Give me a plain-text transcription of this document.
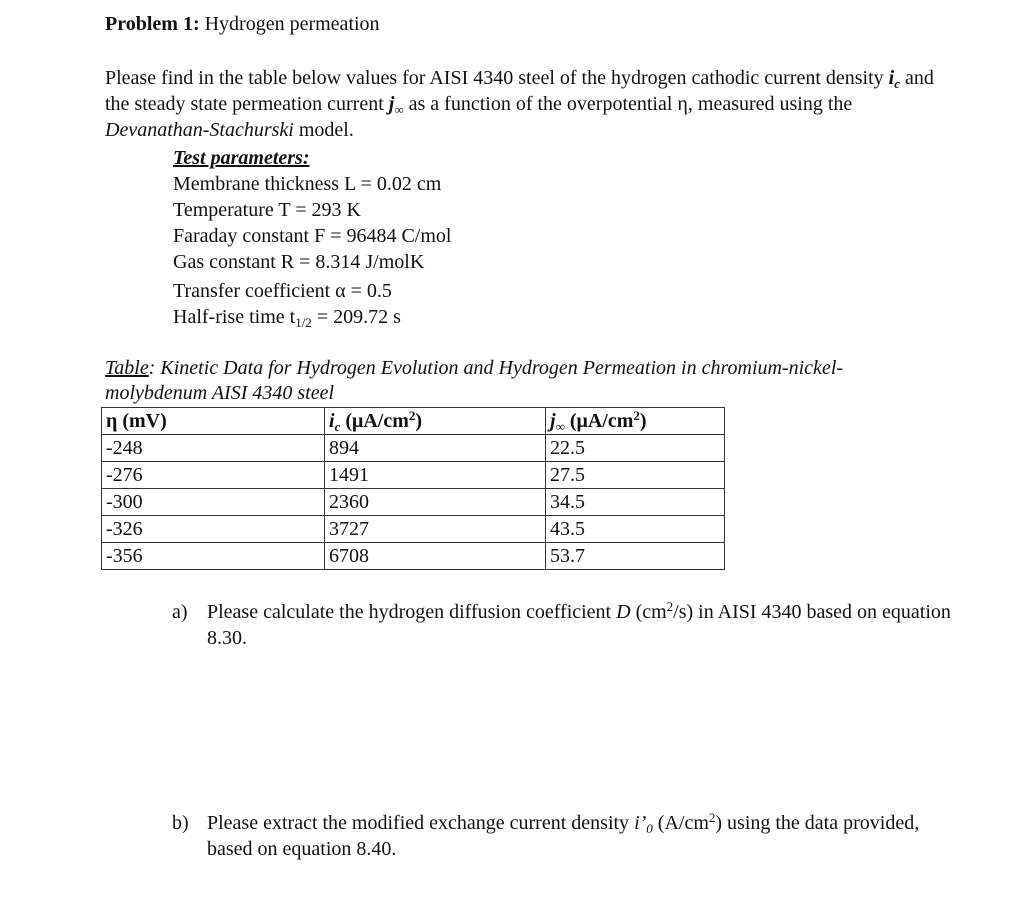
Problem 1: Hydrogen permeation
Please find in the table below values for AISI 4340 steel of the hydrogen cathodic current density $i_c$ and the steady state permeation current $j_\infty$ as a function of the overpotential η, measured using the Devanathan-Stachurski model.
Test parameters:
Membrane thickness L = 0.02 cm
Temperature T = 293 K
Faraday constant F = 96484 C/mol
Gas constant R = 8.314 J/molK
Transfer coefficient α = 0.5
Half-rise time $t_{1/2} = 209.72$ s
Table: Kinetic Data for Hydrogen Evolution and Hydrogen Permeation in chromium-nickel-molybdenum AISI 4340 steel
η (mV)	$i_c$ $(\mu A/cm^2)$	$j_\infty$ $(\mu A/cm^2)$
-248	894	22.5
-276	1491	27.5
-300	2360	34.5
-326	3727	43.5
-356	6708	53.7
a) Please calculate the hydrogen diffusion coefficient D $(cm^2/s)$ in AISI 4340 based on equation 8.30.
b) Please extract the modified exchange current density $i’_0$ $(A/cm^2)$ using the data provided, based on equation 8.40.
